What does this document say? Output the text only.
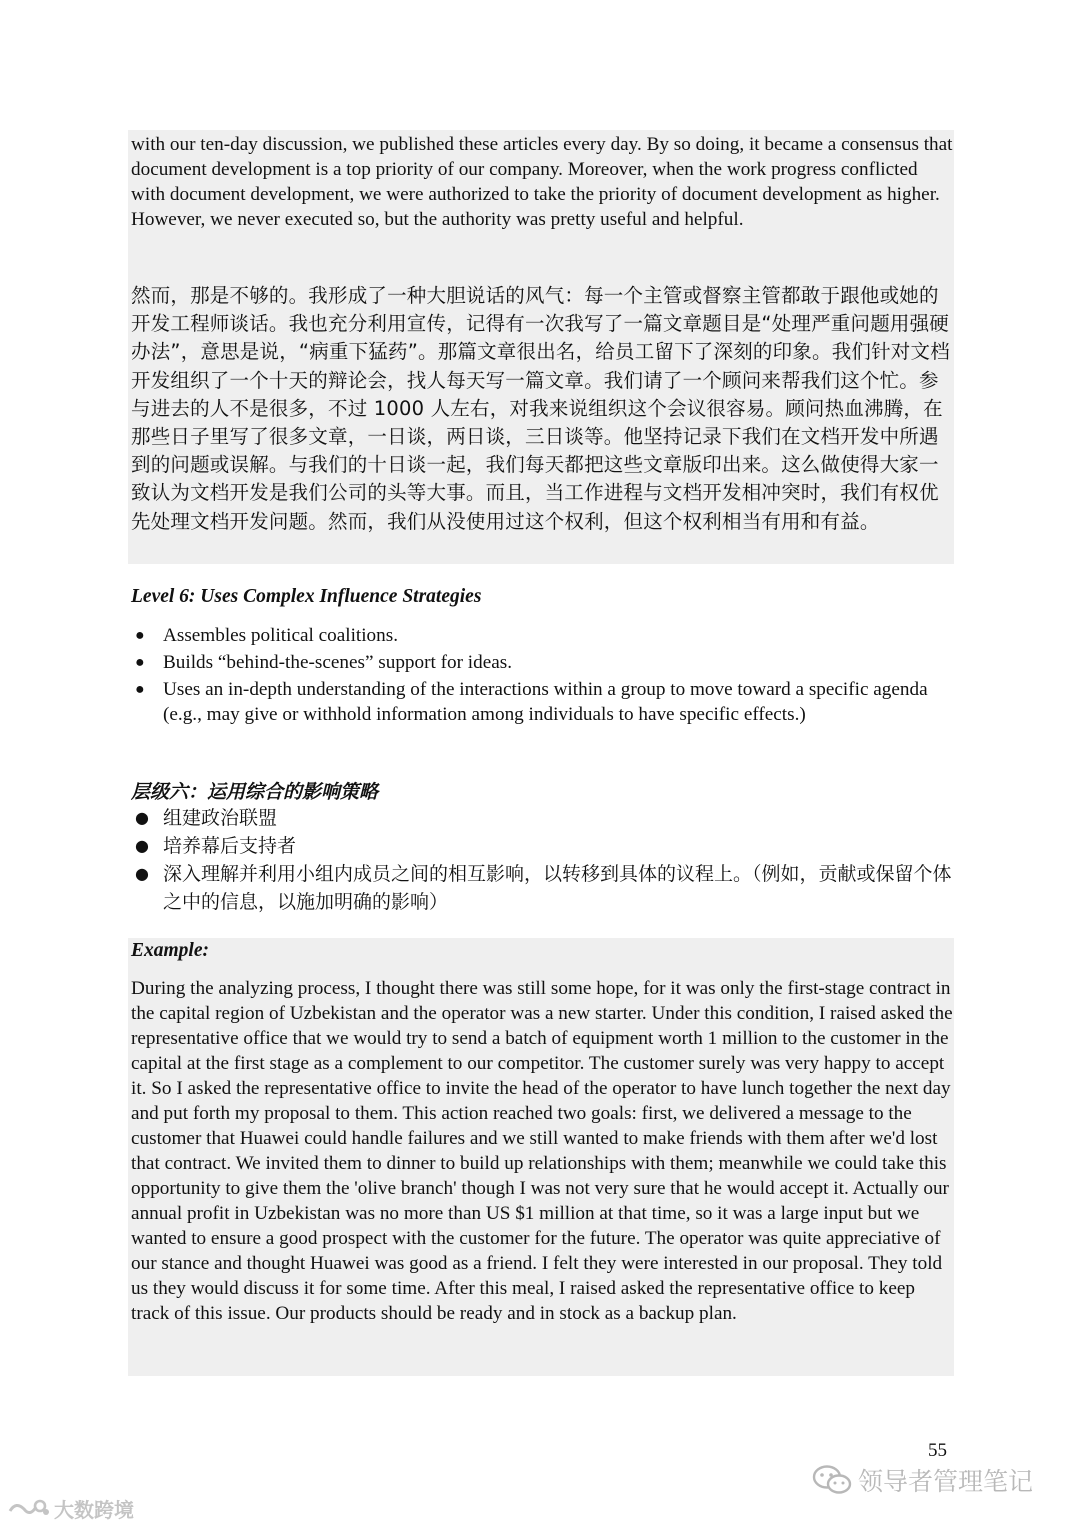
with our ten-day discussion, we published these articles every day. By so doing, it became a consensus that document development is a top priority of our company. Moreover, when the work progress conflicted with document development, we were authorized to take the priority of document development as higher. However, we never executed so, but the authority was pretty useful and helpful.

然而，那是不够的。我形成了一种大胆说话的风气：每一个主管或督察主管都敢于跟他或她的开发工程师谈话。我也充分利用宣传，记得有一次我写了一篇文章题目是“处理严重问题用强硬办法”，意思是说，“病重下猛药”。那篇文章很出名，给员工留下了深刻的印象。我们针对文档开发组织了一个十天的辩论会，找人每天写一篇文章。我们请了一个顾问来帮我们这个忙。参与进去的人不是很多，不过 1000 人左右，对我来说组织这个会议很容易。顾问热血沸腾，在那些日子里写了很多文章，一日谈，两日谈，三日谈等。他坚持记录下我们在文档开发中所遇到的问题或误解。与我们的十日谈一起，我们每天都把这些文章版印出来。这么做使得大家一致认为文档开发是我们公司的头等大事。而且，当工作进程与文档开发相冲突时，我们有权优先处理文档开发问题。然而，我们从没使用过这个权利，但这个权利相当有用和有益。

Level 6: Uses Complex Influence Strategies

● Assembles political coalitions.
● Builds “behind-the-scenes” support for ideas.
● Uses an in-depth understanding of the interactions within a group to move toward a specific agenda (e.g., may give or withhold information among individuals to have specific effects.)

层级六：运用综合的影响策略

● 组建政治联盟
● 培养幕后支持者
● 深入理解并利用小组内成员之间的相互影响，以转移到具体的议程上。（例如，贡献或保留个体之中的信息，以施加明确的影响）

Example:

During the analyzing process, I thought there was still some hope, for it was only the first-stage contract in the capital region of Uzbekistan and the operator was a new starter. Under this condition, I raised asked the representative office that we would try to send a batch of equipment worth 1 million to the customer in the capital at the first stage as a complement to our competitor. The customer surely was very happy to accept it. So I asked the representative office to invite the head of the operator to have lunch together the next day and put forth my proposal to them. This action reached two goals: first, we delivered a message to the customer that Huawei could handle failures and we still wanted to make friends with them after we'd lost that contract. We invited them to dinner to build up relationships with them; meanwhile we could take this opportunity to give them the 'olive branch' though I was not very sure that he would accept it. Actually our annual profit in Uzbekistan was no more than US $1 million at that time, so it was a large input but we wanted to ensure a good prospect with the customer for the future. The operator was quite appreciative of our stance and thought Huawei was good as a friend. I felt they were interested in our proposal. They told us they would discuss it for some time. After this meal, I raised asked the representative office to keep track of this issue. Our products should be ready and in stock as a backup plan.

55

领导者管理笔记
大数跨境
